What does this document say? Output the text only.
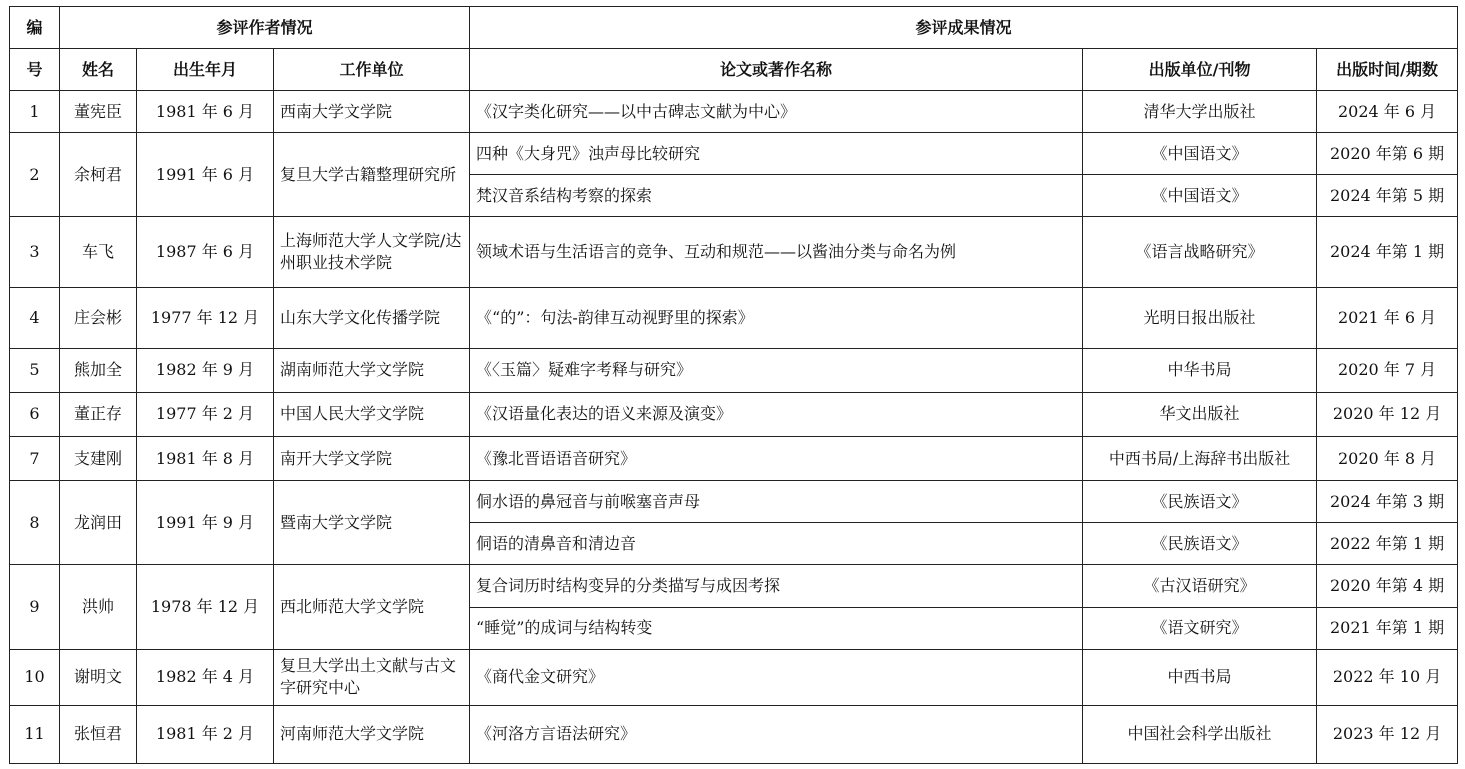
编	参评作者情况			参评成果情况		
号	姓名	出生年月	工作单位	论文或著作名称	出版单位/刊物	出版时间/期数
1	董宪臣	1981 年 6 月	西南大学文学院	《汉字类化研究——以中古碑志文献为中心》	清华大学出版社	2024 年 6 月
2	余柯君	1991 年 6 月	复旦大学古籍整理研究所	四种《大身咒》浊声母比较研究	《中国语文》	2020 年第 6 期
				梵汉音系结构考察的探索	《中国语文》	2024 年第 5 期
3	车飞	1987 年 6 月	上海师范大学人文学院/达州职业技术学院	领域术语与生活语言的竞争、互动和规范——以酱油分类与命名为例	《语言战略研究》	2024 年第 1 期
4	庄会彬	1977 年 12 月	山东大学文化传播学院	《“的”：句法-韵律互动视野里的探索》	光明日报出版社	2021 年 6 月
5	熊加全	1982 年 9 月	湖南师范大学文学院	《〈玉篇〉疑难字考释与研究》	中华书局	2020 年 7 月
6	董正存	1977 年 2 月	中国人民大学文学院	《汉语量化表达的语义来源及演变》	华文出版社	2020 年 12 月
7	支建刚	1981 年 8 月	南开大学文学院	《豫北晋语语音研究》	中西书局/上海辞书出版社	2020 年 8 月
8	龙润田	1991 年 9 月	暨南大学文学院	侗水语的鼻冠音与前喉塞音声母	《民族语文》	2024 年第 3 期
				侗语的清鼻音和清边音	《民族语文》	2022 年第 1 期
9	洪帅	1978 年 12 月	西北师范大学文学院	复合词历时结构变异的分类描写与成因考探	《古汉语研究》	2020 年第 4 期
				“睡觉”的成词与结构转变	《语文研究》	2021 年第 1 期
10	谢明文	1982 年 4 月	复旦大学出土文献与古文字研究中心	《商代金文研究》	中西书局	2022 年 10 月
11	张恒君	1981 年 2 月	河南师范大学文学院	《河洛方言语法研究》	中国社会科学出版社	2023 年 12 月
